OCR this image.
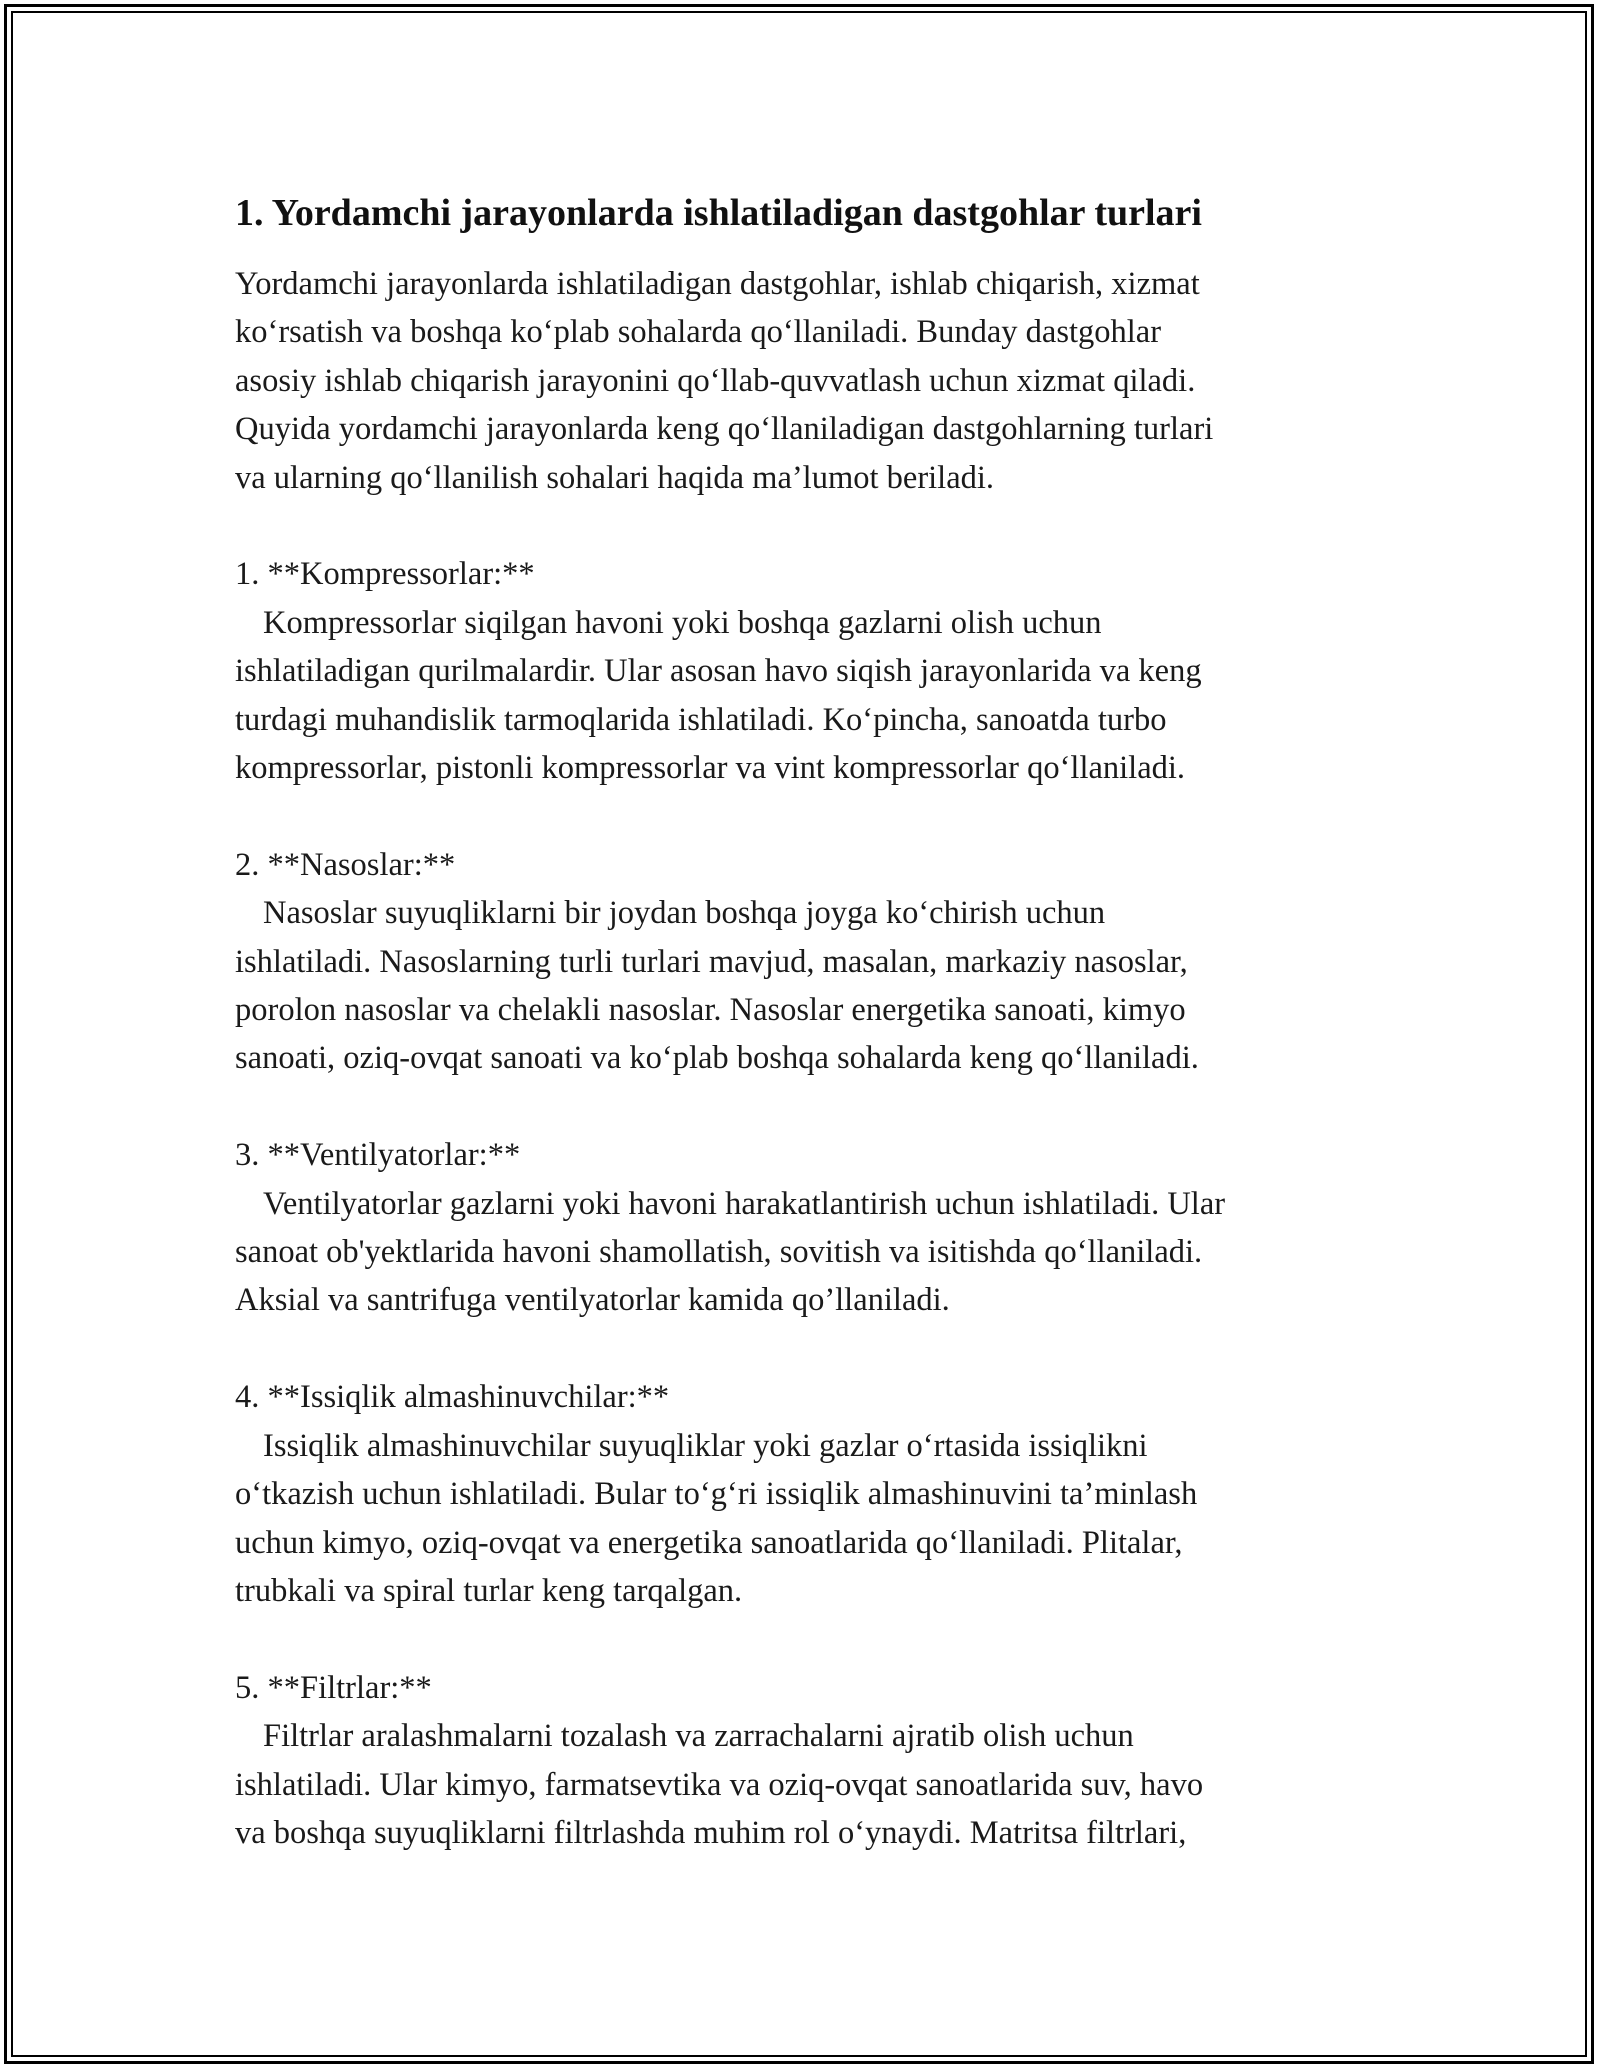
1. Yordamchi jarayonlarda ishlatiladigan dastgohlar turlari

Yordamchi jarayonlarda ishlatiladigan dastgohlar, ishlab chiqarish, xizmat
ko‘rsatish va boshqa ko‘plab sohalarda qo‘llaniladi. Bunday dastgohlar
asosiy ishlab chiqarish jarayonini qo‘llab-quvvatlash uchun xizmat qiladi.
Quyida yordamchi jarayonlarda keng qo‘llaniladigan dastgohlarning turlari
va ularning qo‘llanilish sohalari haqida ma’lumot beriladi.

1. **Kompressorlar:**
Kompressorlar siqilgan havoni yoki boshqa gazlarni olish uchun
ishlatiladigan qurilmalardir. Ular asosan havo siqish jarayonlarida va keng
turdagi muhandislik tarmoqlarida ishlatiladi. Ko‘pincha, sanoatda turbo
kompressorlar, pistonli kompressorlar va vint kompressorlar qo‘llaniladi.

2. **Nasoslar:**
Nasoslar suyuqliklarni bir joydan boshqa joyga ko‘chirish uchun
ishlatiladi. Nasoslarning turli turlari mavjud, masalan, markaziy nasoslar,
porolon nasoslar va chelakli nasoslar. Nasoslar energetika sanoati, kimyo
sanoati, oziq-ovqat sanoati va ko‘plab boshqa sohalarda keng qo‘llaniladi.

3. **Ventilyatorlar:**
Ventilyatorlar gazlarni yoki havoni harakatlantirish uchun ishlatiladi. Ular
sanoat ob'yektlarida havoni shamollatish, sovitish va isitishda qo‘llaniladi.
Aksial va santrifuga ventilyatorlar kamida qo’llaniladi.

4. **Issiqlik almashinuvchilar:**
Issiqlik almashinuvchilar suyuqliklar yoki gazlar o‘rtasida issiqlikni
o‘tkazish uchun ishlatiladi. Bular to‘g‘ri issiqlik almashinuvini ta’minlash
uchun kimyo, oziq-ovqat va energetika sanoatlarida qo‘llaniladi. Plitalar,
trubkali va spiral turlar keng tarqalgan.

5. **Filtrlar:**
Filtrlar aralashmalarni tozalash va zarrachalarni ajratib olish uchun
ishlatiladi. Ular kimyo, farmatsevtika va oziq-ovqat sanoatlarida suv, havo
va boshqa suyuqliklarni filtrlashda muhim rol o‘ynaydi. Matritsa filtrlari,
